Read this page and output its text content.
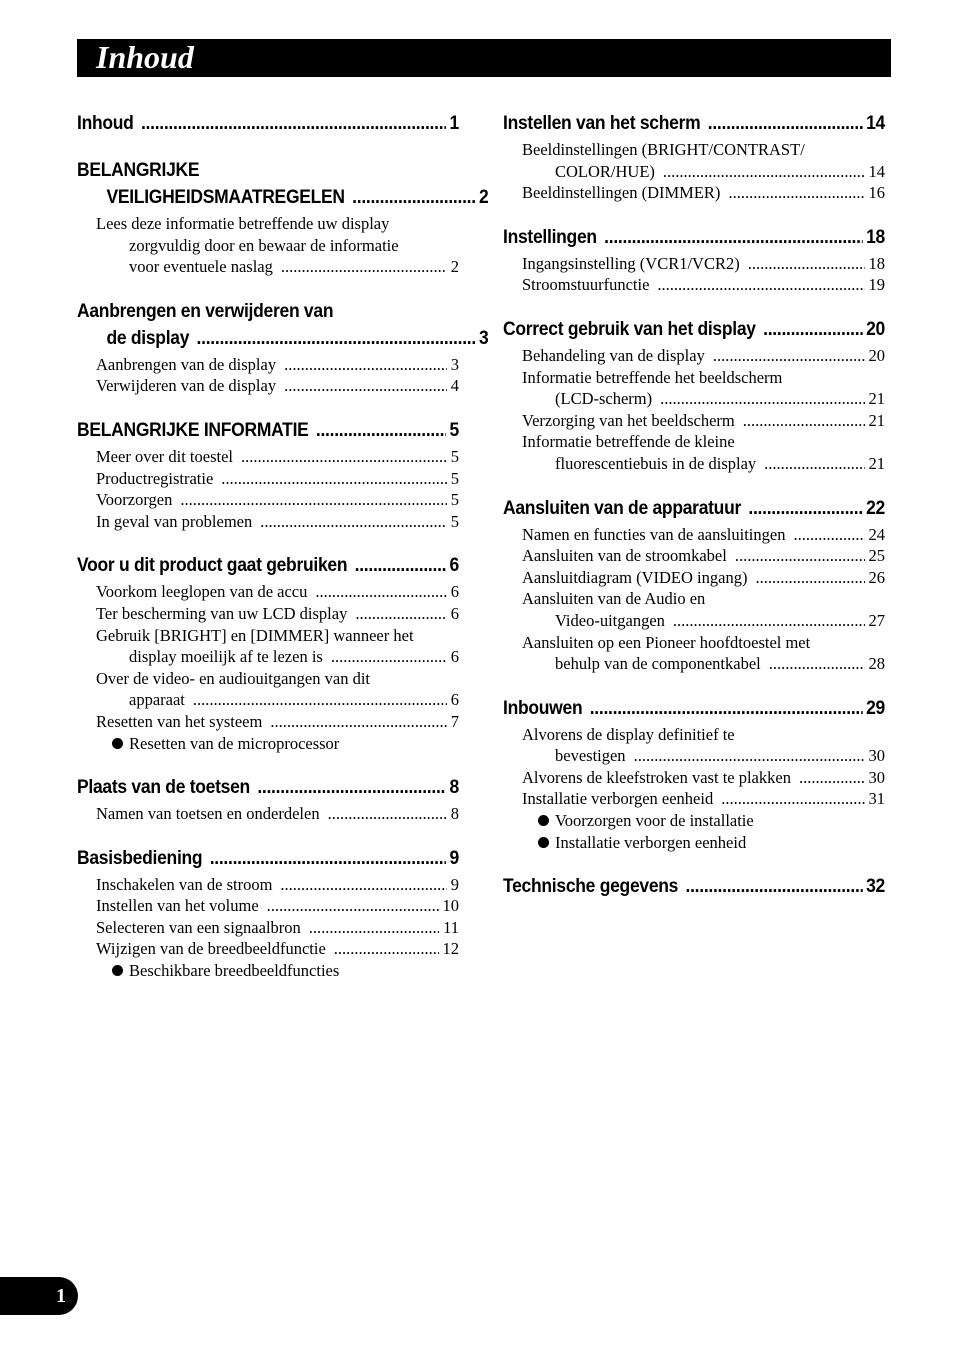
Inhoud
Inhoud .....	1
BELANGRIJKE
VEILIGHEIDSMAATREGELEN .....	2
Lees deze informatie betreffende uw display
zorgvuldig door en bewaar de informatie
voor eventuele naslag .....	2
Aanbrengen en verwijderen van
de display .....	3
Aanbrengen van de display .....	3
Verwijderen van de display .....	4
BELANGRIJKE INFORMATIE .....	5
Meer over dit toestel .....	5
Productregistratie .....	5
Voorzorgen .....	5
In geval van problemen .....	5
Voor u dit product gaat gebruiken .....	6
Voorkom leeglopen van de accu .....	6
Ter bescherming van uw LCD display .....	6
Gebruik [BRIGHT] en [DIMMER] wanneer het
display moeilijk af te lezen is .....	6
Over de video- en audiouitgangen van dit
apparaat .....	6
Resetten van het systeem .....	7
Resetten van de microprocessor
Plaats van de toetsen .....	8
Namen van toetsen en onderdelen .....	8
Basisbediening .....	9
Inschakelen van de stroom .....	9
Instellen van het volume .....	10
Selecteren van een signaalbron .....	11
Wijzigen van de breedbeeldfunctie .....	12
Beschikbare breedbeeldfuncties
Instellen van het scherm .....	14
Beeldinstellingen (BRIGHT/CONTRAST/
COLOR/HUE) .....	14
Beeldinstellingen (DIMMER) .....	16
Instellingen .....	18
Ingangsinstelling (VCR1/VCR2) .....	18
Stroomstuurfunctie .....	19
Correct gebruik van het display .....	20
Behandeling van de display .....	20
Informatie betreffende het beeldscherm
(LCD-scherm) .....	21
Verzorging van het beeldscherm .....	21
Informatie betreffende de kleine
fluorescentiebuis in de display .....	21
Aansluiten van de apparatuur .....	22
Namen en functies van de aansluitingen .....	24
Aansluiten van de stroomkabel .....	25
Aansluitdiagram (VIDEO ingang) .....	26
Aansluiten van de Audio en
Video-uitgangen .....	27
Aansluiten op een Pioneer hoofdtoestel met
behulp van de componentkabel .....	28
Inbouwen .....	29
Alvorens de display definitief te
bevestigen .....	30
Alvorens de kleefstroken vast te plakken .....	30
Installatie verborgen eenheid .....	31
Voorzorgen voor de installatie
Installatie verborgen eenheid
Technische gegevens .....	32
1
